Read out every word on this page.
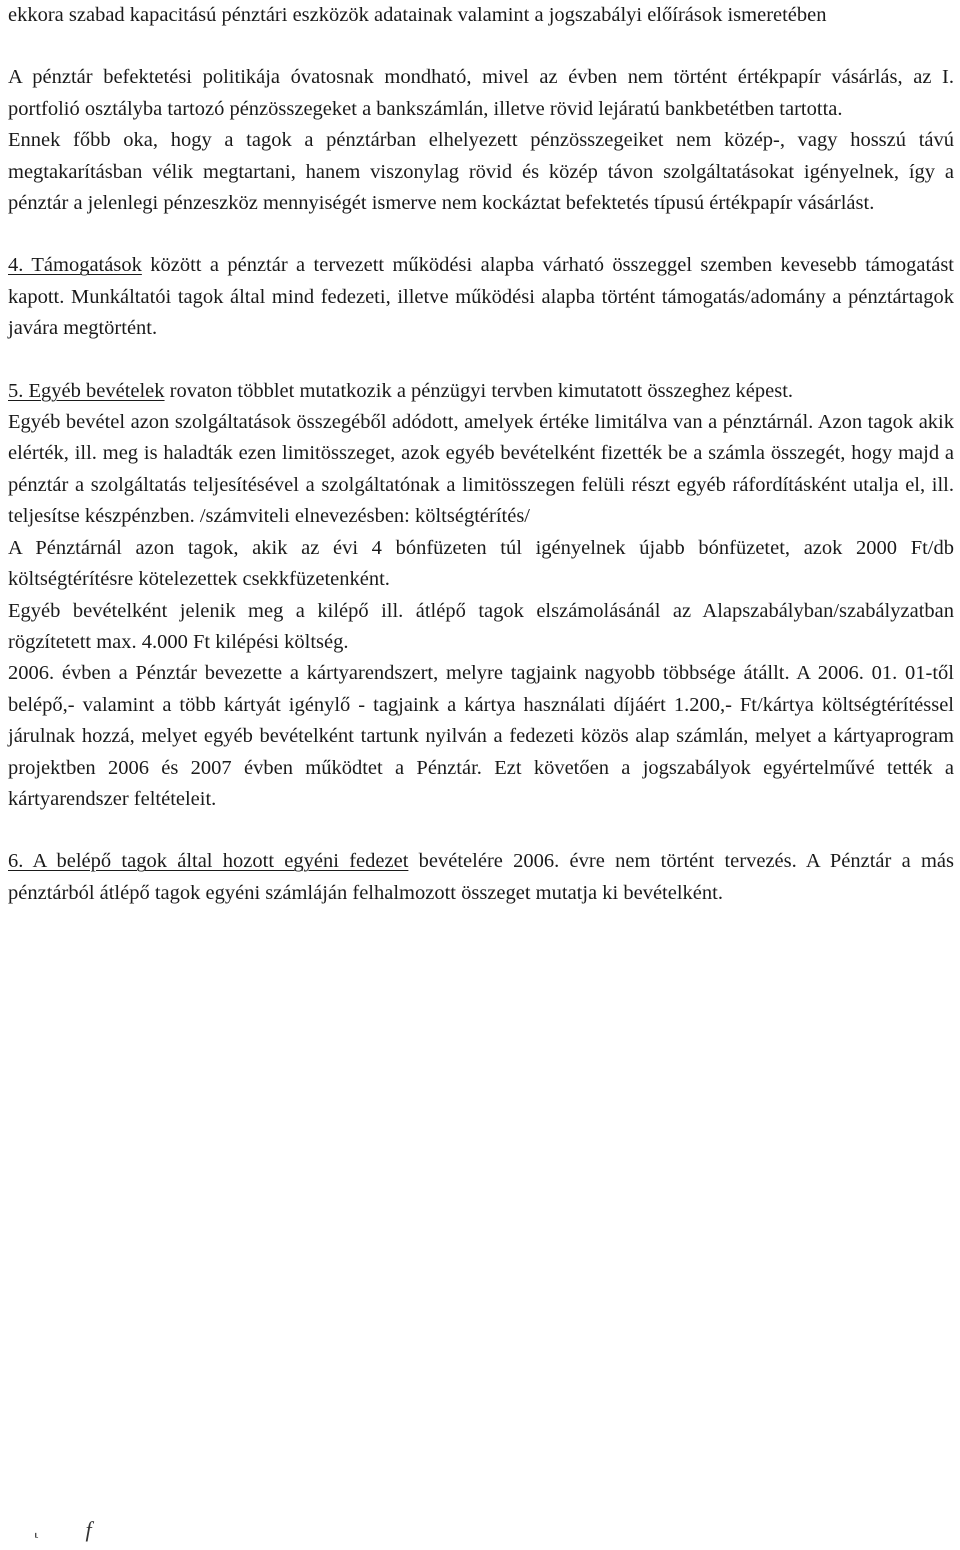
ekkora szabad kapacitású pénztári eszközök adatainak valamint a jogszabályi előírások ismeretében

A pénztár befektetési politikája óvatosnak mondható, mivel az évben nem történt értékpapír vásárlás, az I. portfolió osztályba tartozó pénzösszegeket a bankszámlán, illetve rövid lejáratú bankbetétben tartotta.

Ennek főbb oka, hogy a tagok a pénztárban elhelyezett pénzösszegeiket nem közép-, vagy hosszú távú megtakarításban vélik megtartani, hanem viszonylag rövid és közép távon szolgáltatásokat igényelnek, így a pénztár a jelenlegi pénzeszköz mennyiségét ismerve nem kockáztat befektetés típusú értékpapír vásárlást.

4. Támogatások között a pénztár a tervezett működési alapba várható összeggel szemben kevesebb támogatást kapott. Munkáltatói tagok által mind fedezeti, illetve működési alapba történt támogatás/adomány a pénztártagok javára megtörtént.

5. Egyéb bevételek rovaton többlet mutatkozik a pénzügyi tervben kimutatott összeghez képest.

Egyéb bevétel azon szolgáltatások összegéből adódott, amelyek értéke limitálva van a pénztárnál. Azon tagok akik elérték, ill. meg is haladták ezen limitösszeget, azok egyéb bevételként fizették be a számla összegét, hogy majd a pénztár a szolgáltatás teljesítésével a szolgáltatónak a limitösszegen felüli részt egyéb ráfordításként utalja el, ill. teljesítse készpénzben. /számviteli elnevezésben: költségtérítés/

A Pénztárnál azon tagok, akik az évi 4 bónfüzeten túl igényelnek újabb bónfüzetet, azok 2000 Ft/db költségtérítésre kötelezettek csekkfüzetenként.

Egyéb bevételként jelenik meg a kilépő ill. átlépő tagok elszámolásánál az Alapszabályban/szabályzatban rögzítetett max. 4.000 Ft kilépési költség.

2006. évben a Pénztár bevezette a kártyarendszert, melyre tagjaink nagyobb többsége átállt. A 2006. 01. 01-től belépő,- valamint a több kártyát igénylő - tagjaink a kártya használati díjáért 1.200,- Ft/kártya költségtérítéssel járulnak hozzá, melyet egyéb bevételként tartunk nyilván a fedezeti közös alap számlán, melyet a kártyaprogram projektben 2006 és 2007 évben működtet a Pénztár. Ezt követően a jogszabályok egyértelművé tették a kártyarendszer feltételeit.

6. A belépő tagok által hozott egyéni fedezet bevételére 2006. évre nem történt tervezés. A Pénztár a más pénztárból átlépő tagok egyéni számláján felhalmozott összeget mutatja ki bevételként.

⸤ f
